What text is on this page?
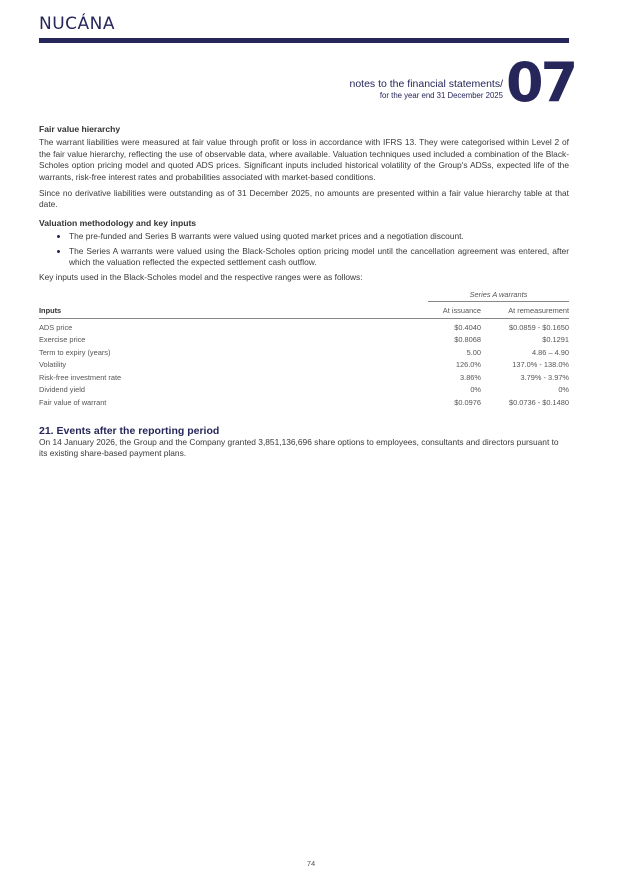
NUCÁNA
notes to the financial statements/
for the year end 31 December 2025 07
Fair value hierarchy

The warrant liabilities were measured at fair value through profit or loss in accordance with IFRS 13. They were categorised within Level 2 of the fair value hierarchy, reflecting the use of observable data, where available. Valuation techniques used included a combination of the Black-Scholes option pricing model and quoted ADS prices. Significant inputs included historical volatility of the Group's ADSs, expected life of the warrants, risk-free interest rates and probabilities associated with market-based conditions.

Since no derivative liabilities were outstanding as of 31 December 2025, no amounts are presented within a fair value hierarchy table at that date.

Valuation methodology and key inputs
• The pre-funded and Series B warrants were valued using quoted market prices and a negotiation discount.
• The Series A warrants were valued using the Black-Scholes option pricing model until the cancellation agreement was entered, after which the valuation reflected the expected settlement cash outflow.

Key inputs used in the Black-Scholes model and the respective ranges were as follows:

Series A warrants
Inputs	At issuance	At remeasurement
ADS price	$0.4040	$0.0859 - $0.1650
Exercise price	$0.8068	$0.1291
Term to expiry (years)	5.00	4.86 – 4.90
Volatility	126.0%	137.0% - 138.0%
Risk-free investment rate	3.86%	3.79% - 3.97%
Dividend yield	0%	0%
Fair value of warrant	$0.0976	$0.0736 - $0.1480
21. Events after the reporting period
On 14 January 2026, the Group and the Company granted 3,851,136,696 share options to employees, consultants and directors pursuant to its existing share-based payment plans.
74
